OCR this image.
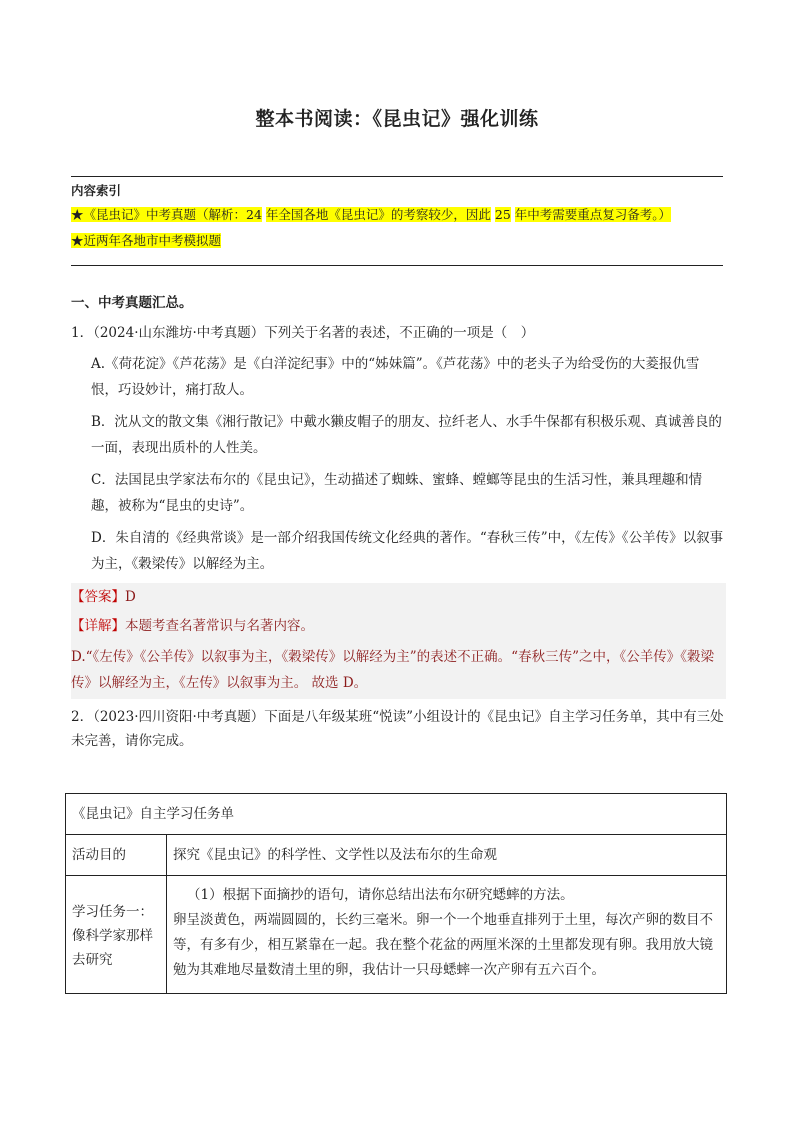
整本书阅读：《昆虫记》强化训练
内容索引
★《昆虫记》中考真题（解析：24 年全国各地《昆虫记》的考察较少，因此 25 年中考需要重点复习备考。）
★近两年各地市中考模拟题
一、中考真题汇总。
1．（2024·山东潍坊·中考真题）下列关于名著的表述，不正确的一项是（　）
A.《荷花淀》《芦花荡》是《白洋淀纪事》中的“姊妹篇”。《芦花荡》中的老头子为给受伤的大菱报仇雪恨，巧设妙计，痛打敌人。
B．沈从文的散文集《湘行散记》中戴水獭皮帽子的朋友、拉纤老人、水手牛保都有积极乐观、真诚善良的一面，表现出质朴的人性美。
C．法国昆虫学家法布尔的《昆虫记》，生动描述了蜘蛛、蜜蜂、螳螂等昆虫的生活习性，兼具理趣和情趣，被称为“昆虫的史诗”。
D．朱自清的《经典常谈》是一部介绍我国传统文化经典的著作。“春秋三传”中，《左传》《公羊传》以叙事为主，《穀梁传》以解经为主。
【答案】D
【详解】本题考查名著常识与名著内容。
D.“《左传》《公羊传》以叙事为主，《穀梁传》以解经为主”的表述不正确。“春秋三传”之中，《公羊传》《穀梁传》以解经为主，《左传》以叙事为主。 故选 D。
2．（2023·四川资阳·中考真题）下面是八年级某班“悦读”小组设计的《昆虫记》自主学习任务单，其中有三处未完善，请你完成。
《昆虫记》自主学习任务单	
活动目的	探究《昆虫记》的科学性、文学性以及法布尔的生命观
学习任务一：像科学家那样去研究	（1）根据下面摘抄的语句，请你总结出法布尔研究蟋蟀的方法。
卵呈淡黄色，两端圆圆的，长约三毫米。卵一个一个地垂直排列于土里，每次产卵的数目不等，有多有少，相互紧靠在一起。我在整个花盆的两厘米深的土里都发现有卵。我用放大镜勉为其难地尽量数清土里的卵，我估计一只母蟋蟀一次产卵有五六百个。
